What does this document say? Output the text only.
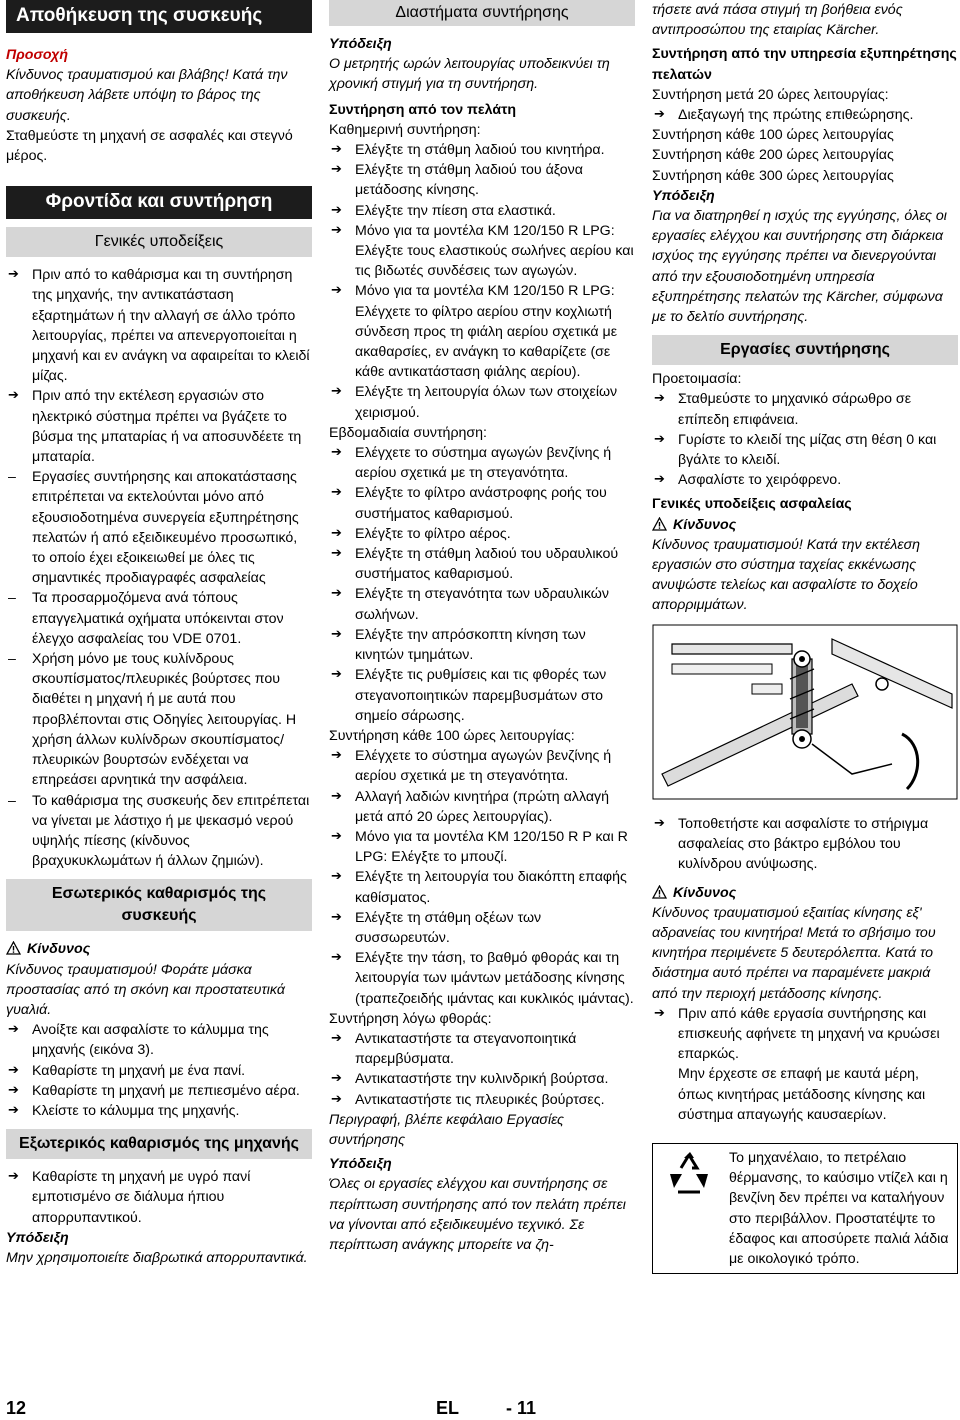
Αποθήκευση της συσκευής

Προσοχή

Κίνδυνος τραυματισμού και βλάβης! Κατά την αποθήκευση λάβετε υπόψη το βάρος της συσκευής.

Σταθμεύστε τη μηχανή σε ασφαλές και στεγνό μέρος.

Φροντίδα και συντήρηση
Γενικές υποδείξεις
➔ Πριν από το καθάρισμα και τη συντήρηση της μηχανής, την αντικατάσταση εξαρτημάτων ή την αλλαγή σε άλλο τρόπο λειτουργίας, πρέπει να απενεργοποιείται η μηχανή και εν ανάγκη να αφαιρείται το κλειδί μίζας.
➔ Πριν από την εκτέλεση εργασιών στο ηλεκτρικό σύστημα πρέπει να βγάζετε το βύσμα της μπαταρίας ή να αποσυνδέετε τη μπαταρία.
– Εργασίες συντήρησης και αποκατάστασης επιτρέπεται να εκτελούνται μόνο από εξουσιοδοτημένα συνεργεία εξυπηρέτησης πελατών ή από εξειδικευμένο προσωπικό, το οποίο έχει εξοικειωθεί με όλες τις σημαντικές προδιαγραφές ασφαλείας
– Τα προσαρμοζόμενα ανά τόπους επαγγελματικά οχήματα υπόκεινται στον έλεγχο ασφαλείας του VDE 0701.
– Χρήση μόνο με τους κυλίνδρους σκουπίσματος/πλευρικές βούρτσες που διαθέτει η μηχανή ή με αυτά που προβλέπονται στις Οδηγίες λειτουργίας. Η χρήση άλλων κυλίνδρων σκουπίσματος/πλευρικών βουρτσών ενδέχεται να επηρεάσει αρνητικά την ασφάλεια.
– Το καθάρισμα της συσκευής δεν επιτρέπεται να γίνεται με λάστιχο ή με ψεκασμό νερού υψηλής πίεσης (κίνδυνος βραχυκυκλωμάτων ή άλλων ζημιών).
Εσωτερικός καθαρισμός της συσκευής

Κίνδυνος

Κίνδυνος τραυματισμού! Φοράτε μάσκα προστασίας από τη σκόνη και προστατευτικά γυαλιά.

➔ Ανοίξτε και ασφαλίστε το κάλυμμα της μηχανής (εικόνα 3).
➔ Καθαρίστε τη μηχανή με ένα πανί.
➔ Καθαρίστε τη μηχανή με πεπιεσμένο αέρα.
➔ Κλείστε το κάλυμμα της μηχανής.
Εξωτερικός καθαρισμός της μηχανής
➔ Καθαρίστε τη μηχανή με υγρό πανί εμποτισμένο σε διάλυμα ήπιου απορρυπαντικού.

Υπόδειξη

Μην χρησιμοποιείτε διαβρωτικά απορρυπαντικά.

Διαστήματα συντήρησης

Υπόδειξη

Ο μετρητής ωρών λειτουργίας υποδεικνύει τη χρονική στιγμή για τη συντήρηση.

Συντήρηση από τον πελάτη

Καθημερινή συντήρηση:

➔ Ελέγξτε τη στάθμη λαδιού του κινητήρα.
➔ Ελέγξτε τη στάθμη λαδιού του άξονα μετάδοσης κίνησης.
➔ Ελέγξτε την πίεση στα ελαστικά.
➔ Μόνο για τα μοντέλα KM 120/150 R LPG: Ελέγξτε τους ελαστικούς σωλήνες αερίου και τις βιδωτές συνδέσεις των αγωγών.
➔ Μόνο για τα μοντέλα KM 120/150 R LPG: Ελέγχετε το φίλτρο αερίου στην κοχλιωτή σύνδεση προς τη φιάλη αερίου σχετικά με ακαθαρσίες, εν ανάγκη το καθαρίζετε (σε κάθε αντικατάσταση φιάλης αερίου).
➔ Ελέγξτε τη λειτουργία όλων των στοιχείων χειρισμού.

Εβδομαδιαία συντήρηση:

➔ Ελέγχετε το σύστημα αγωγών βενζίνης ή αερίου σχετικά με τη στεγανότητα.
➔ Ελέγξτε το φίλτρο ανάστροφης ροής του συστήματος καθαρισμού.
➔ Ελέγξτε το φίλτρο αέρος.
➔ Ελέγξτε τη στάθμη λαδιού του υδραυλικού συστήματος καθαρισμού.
➔ Ελέγξτε τη στεγανότητα των υδραυλικών σωλήνων.
➔ Ελέγξτε την απρόσκοπτη κίνηση των κινητών τμημάτων.
➔ Ελέγξτε τις ρυθμίσεις και τις φθορές των στεγανοποιητικών παρεμβυσμάτων στο σημείο σάρωσης.

Συντήρηση κάθε 100 ώρες λειτουργίας:

➔ Ελέγχετε το σύστημα αγωγών βενζίνης ή αερίου σχετικά με τη στεγανότητα.
➔ Αλλαγή λαδιών κινητήρα (πρώτη αλλαγή μετά από 20 ώρες λειτουργίας).
➔ Μόνο για τα μοντέλα KM 120/150 R P και R LPG: Ελέγξτε το μπουζί.
➔ Ελέγξτε τη λειτουργία του διακόπτη επαφής καθίσματος.
➔ Ελέγξτε τη στάθμη οξέων των συσσωρευτών.
➔ Ελέγξτε την τάση, το βαθμό φθοράς και τη λειτουργία των ιμάντων μετάδοσης κίνησης (τραπεζοειδής ιμάντας και κυκλικός ιμάντας).

Συντήρηση λόγω φθοράς:

➔ Αντικαταστήστε τα στεγανοποιητικά παρεμβύσματα.
➔ Αντικαταστήστε την κυλινδρική βούρτσα.
➔ Αντικαταστήστε τις πλευρικές βούρτσες.

Περιγραφή, βλέπε κεφάλαιο Εργασίες συντήρησης

Υπόδειξη

Όλες οι εργασίες ελέγχου και συντήρησης σε περίπτωση συντήρησης από τον πελάτη πρέπει να γίνονται από εξειδικευμένο τεχνικό. Σε περίπτωση ανάγκης μπορείτε να ζη-

τήσετε ανά πάσα στιγμή τη βοήθεια ενός αντιπροσώπου της εταιρίας Kärcher.

Συντήρηση από την υπηρεσία εξυπηρέτησης πελατών

Συντήρηση μετά 20 ώρες λειτουργίας:

➔ Διεξαγωγή της πρώτης επιθεώρησης.

Συντήρηση κάθε 100 ώρες λειτουργίας

Συντήρηση κάθε 200 ώρες λειτουργίας

Συντήρηση κάθε 300 ώρες λειτουργίας

Υπόδειξη

Για να διατηρηθεί η ισχύς της εγγύησης, όλες οι εργασίες ελέγχου και συντήρησης στη διάρκεια ισχύος της εγγύησης πρέπει να διενεργούνται από την εξουσιοδοτημένη υπηρεσία εξυπηρέτησης πελατών της Kärcher, σύμφωνα με το δελτίο συντήρησης.

Εργασίες συντήρησης

Προετοιμασία:

➔ Σταθμεύστε το μηχανικό σάρωθρο σε επίπεδη επιφάνεια.
➔ Γυρίστε το κλειδί της μίζας στη θέση 0 και βγάλτε το κλειδί.
➔ Ασφαλίστε το χειρόφρενο.

Γενικές υποδείξεις ασφαλείας

Κίνδυνος

Κίνδυνος τραυματισμού! Κατά την εκτέλεση εργασιών στο σύστημα ταχείας εκκένωσης ανυψώστε τελείως και ασφαλίστε το δοχείο απορριμμάτων.

➔ Τοποθετήστε και ασφαλίστε το στήριγμα ασφαλείας στο βάκτρο εμβόλου του κυλίνδρου ανύψωσης.

Κίνδυνος

Κίνδυνος τραυματισμού εξαιτίας κίνησης εξ' αδρανείας του κινητήρα! Μετά το σβήσιμο του κινητήρα περιμένετε 5 δευτερόλεπτα. Κατά το διάστημα αυτό πρέπει να παραμένετε μακριά από την περιοχή μετάδοσης κίνησης.

➔ Πριν από κάθε εργασία συντήρησης και επισκευής αφήνετε τη μηχανή να κρυώσει επαρκώς.
Μην έρχεστε σε επαφή με καυτά μέρη, όπως κινητήρας μετάδοσης κίνησης και σύστημα απαγωγής καυσαερίων.
Το μηχανέλαιο, το πετρέλαιο θέρμανσης, το καύσιμο ντίζελ και η βενζίνη δεν πρέπει να καταλήγουν στο περιβάλλον. Προστατέψτε το έδαφος και αποσύρετε παλιά λάδια με οικολογικό τρόπο.
12	EL	- 11
